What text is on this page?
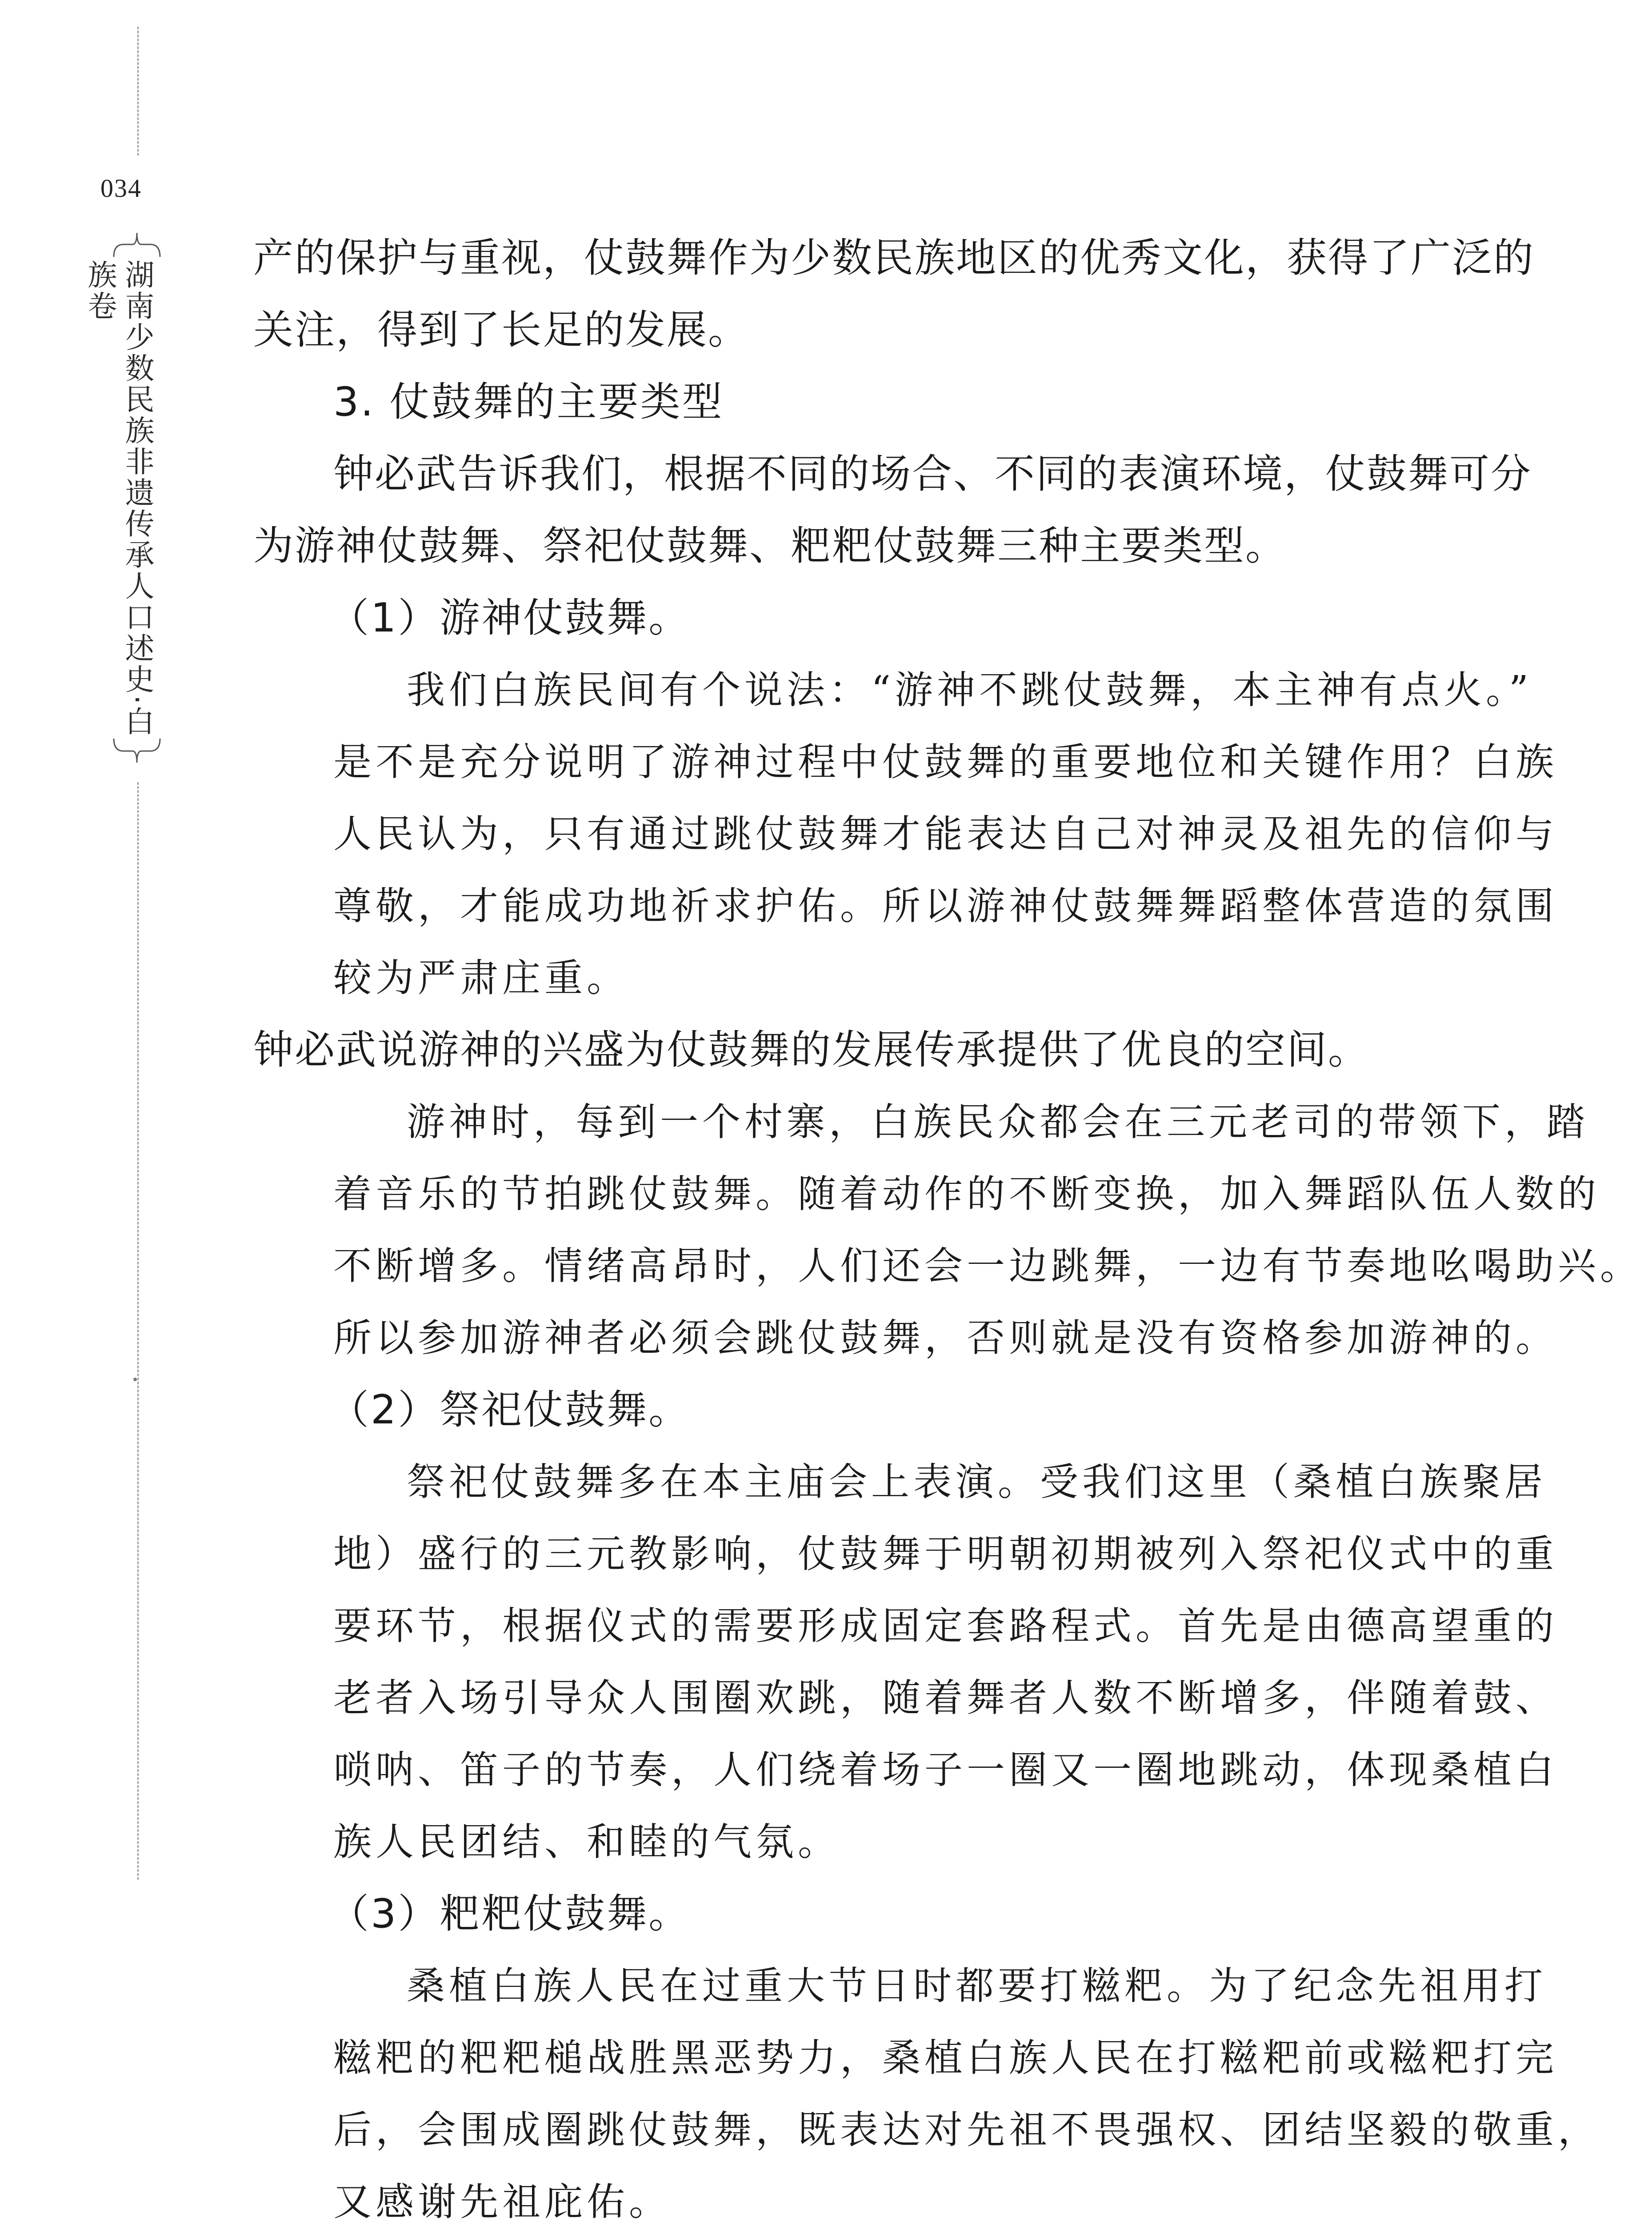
034
湖南少数民族非遗传承人口述史·白族卷
产的保护与重视，仗鼓舞作为少数民族地区的优秀文化，获得了广泛的
关注，得到了长足的发展。
3. 仗鼓舞的主要类型
钟必武告诉我们，根据不同的场合、不同的表演环境，仗鼓舞可分
为游神仗鼓舞、祭祀仗鼓舞、粑粑仗鼓舞三种主要类型。
（1）游神仗鼓舞。
我们白族民间有个说法：“游神不跳仗鼓舞，本主神有点火。”
是不是充分说明了游神过程中仗鼓舞的重要地位和关键作用？白族
人民认为，只有通过跳仗鼓舞才能表达自己对神灵及祖先的信仰与
尊敬，才能成功地祈求护佑。所以游神仗鼓舞舞蹈整体营造的氛围
较为严肃庄重。
钟必武说游神的兴盛为仗鼓舞的发展传承提供了优良的空间。
游神时，每到一个村寨，白族民众都会在三元老司的带领下，踏
着音乐的节拍跳仗鼓舞。随着动作的不断变换，加入舞蹈队伍人数的
不断增多。情绪高昂时，人们还会一边跳舞，一边有节奏地吆喝助兴。
所以参加游神者必须会跳仗鼓舞，否则就是没有资格参加游神的。
（2）祭祀仗鼓舞。
祭祀仗鼓舞多在本主庙会上表演。受我们这里（桑植白族聚居
地）盛行的三元教影响，仗鼓舞于明朝初期被列入祭祀仪式中的重
要环节，根据仪式的需要形成固定套路程式。首先是由德高望重的
老者入场引导众人围圈欢跳，随着舞者人数不断增多，伴随着鼓、
唢呐、笛子的节奏，人们绕着场子一圈又一圈地跳动，体现桑植白
族人民团结、和睦的气氛。
（3）粑粑仗鼓舞。
桑植白族人民在过重大节日时都要打糍粑。为了纪念先祖用打
糍粑的粑粑槌战胜黑恶势力，桑植白族人民在打糍粑前或糍粑打完
后，会围成圈跳仗鼓舞，既表达对先祖不畏强权、团结坚毅的敬重，
又感谢先祖庇佑。
